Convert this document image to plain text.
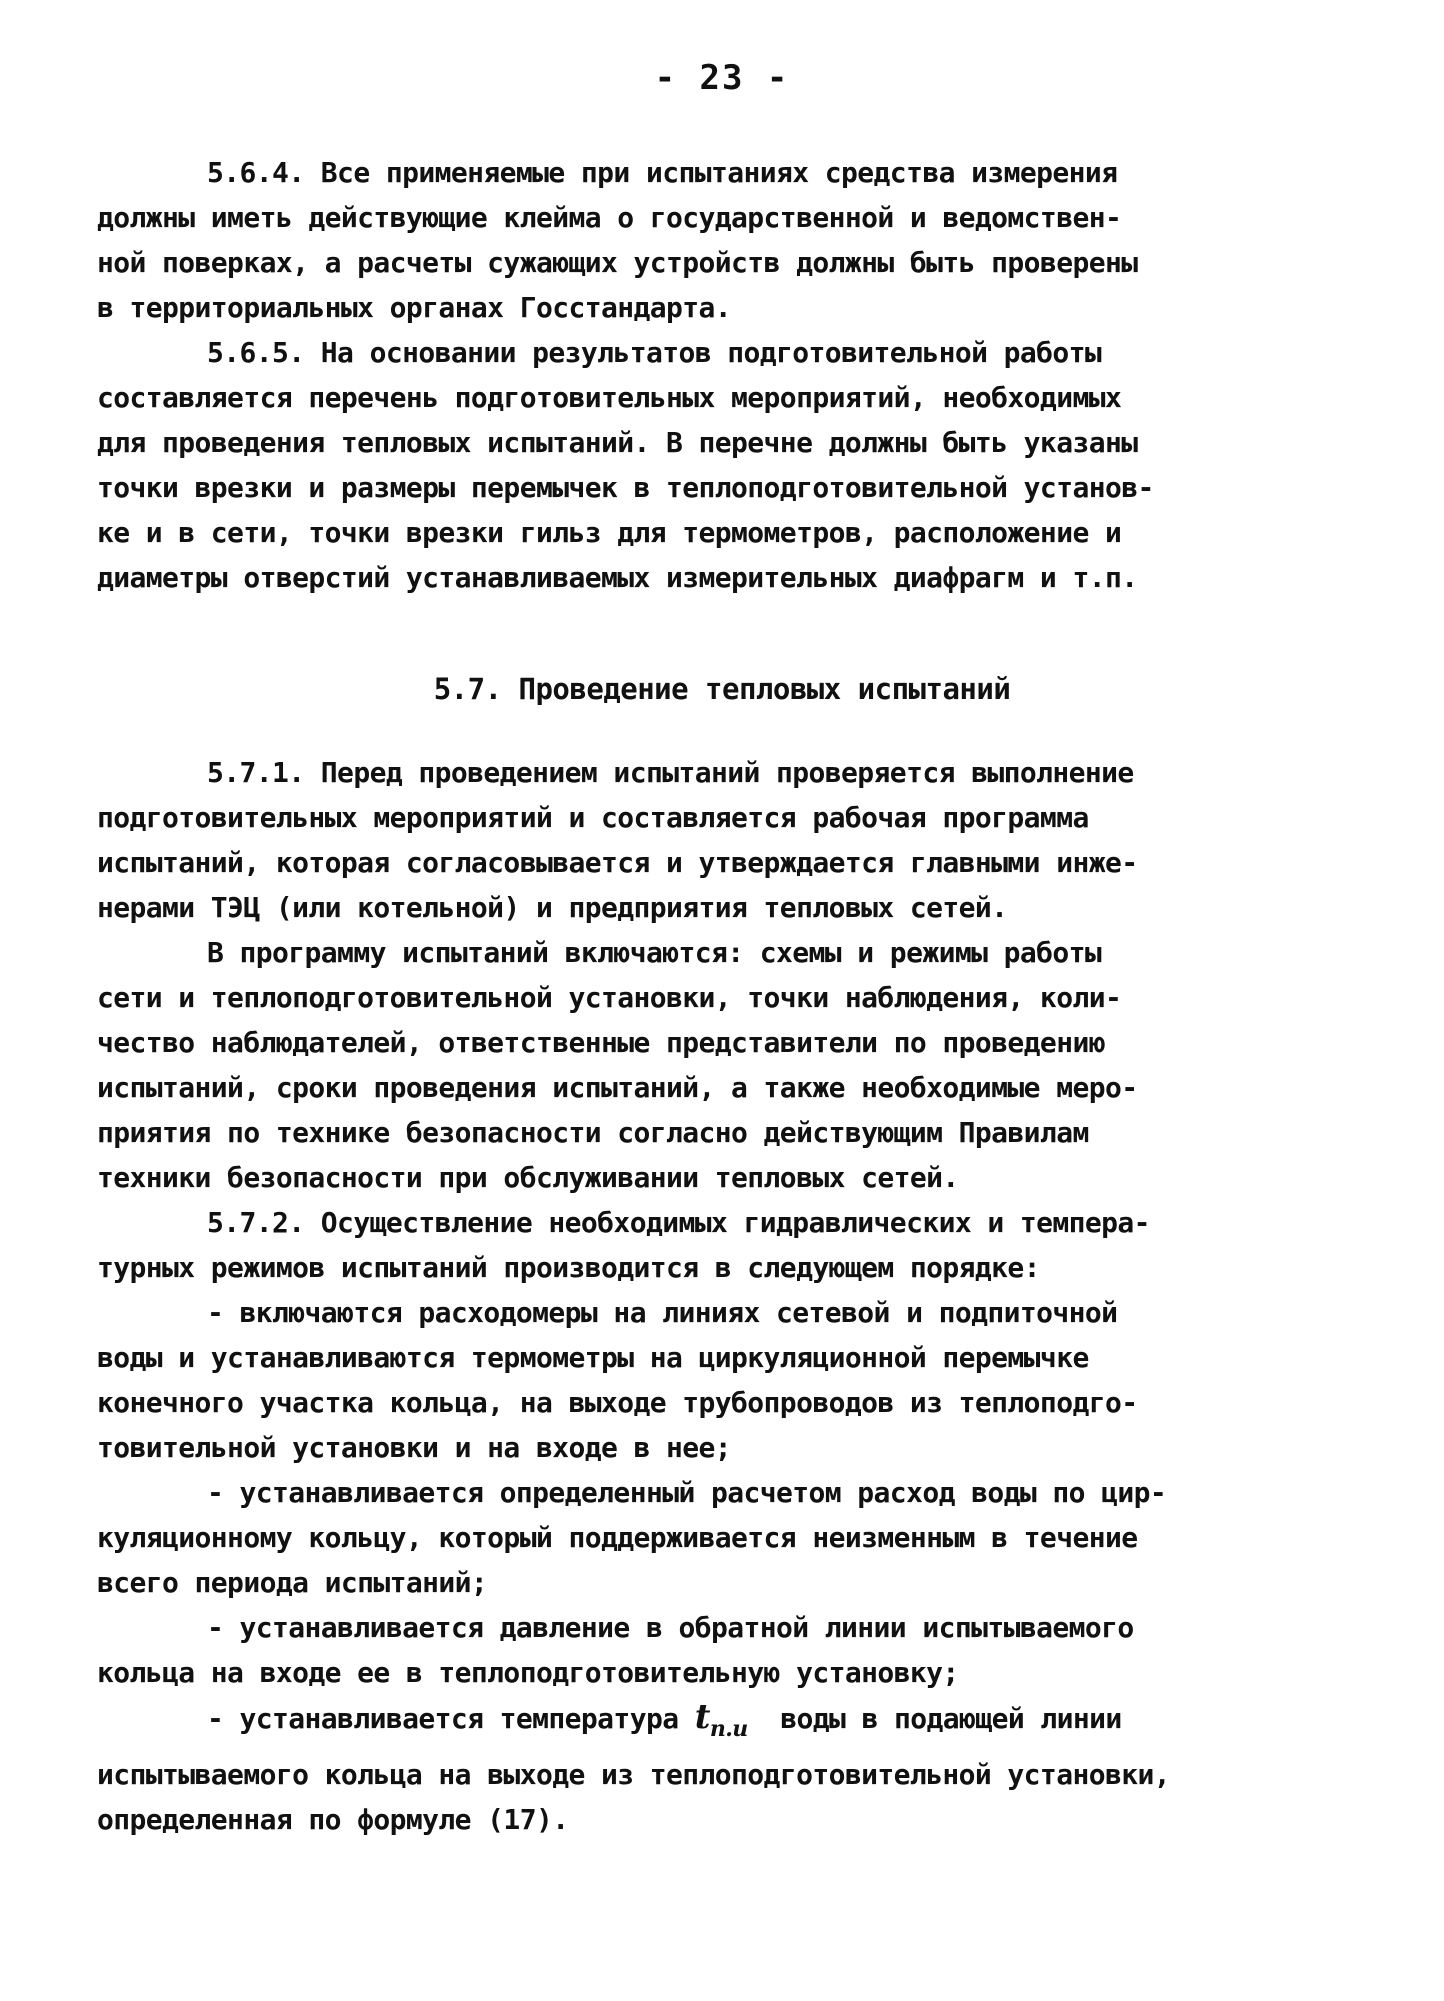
- 23 -
5.6.4. Все применяемые при испытаниях средства измерения
должны иметь действующие клейма о государственной и ведомствен-
ной поверках, а расчеты сужающих устройств должны быть проверены
в территориальных органах Госстандарта.
5.6.5. На основании результатов подготовительной работы
составляется перечень подготовительных мероприятий, необходимых
для проведения тепловых испытаний. В перечне должны быть указаны
точки врезки и размеры перемычек в теплоподготовительной установ-
ке и в сети, точки врезки гильз для термометров, расположение и
диаметры отверстий устанавливаемых измерительных диафрагм и т.п.
5.7. Проведение тепловых испытаний
5.7.1. Перед проведением испытаний проверяется выполнение
подготовительных мероприятий и составляется рабочая программа
испытаний, которая согласовывается и утверждается главными инже-
нерами ТЭЦ (или котельной) и предприятия тепловых сетей.
В программу испытаний включаются: схемы и режимы работы
сети и теплоподготовительной установки, точки наблюдения, коли-
чество наблюдателей, ответственные представители по проведению
испытаний, сроки проведения испытаний, а также необходимые меро-
приятия по технике безопасности согласно действующим Правилам
техники безопасности при обслуживании тепловых сетей.
5.7.2. Осуществление необходимых гидравлических и темпера-
турных режимов испытаний производится в следующем порядке:
- включаются расходомеры на линиях сетевой и подпиточной
воды и устанавливаются термометры на циркуляционной перемычке
конечного участка кольца, на выходе трубопроводов из теплоподго-
товительной установки и на входе в нее;
- устанавливается определенный расчетом расход воды по цир-
куляционному кольцу, который поддерживается неизменным в течение
всего периода испытаний;
- устанавливается давление в обратной линии испытываемого
кольца на входе ее в теплоподготовительную установку;
- устанавливается температура $t_{п.и}$  воды в подающей линии
испытываемого кольца на выходе из теплоподготовительной установки,
определенная по формуле (17).
